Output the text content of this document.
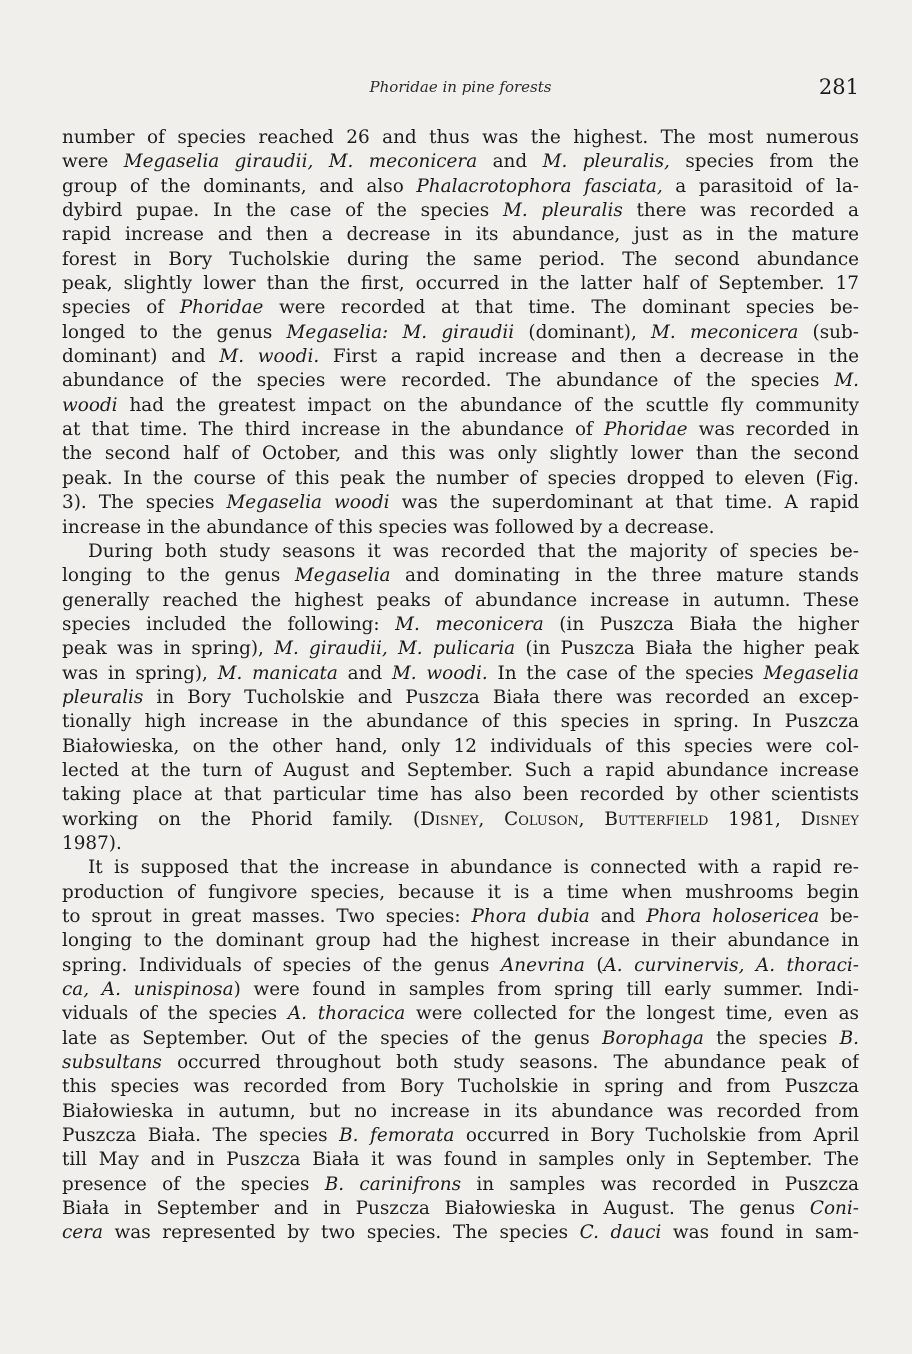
Phoridae in pine forests	281
number of species reached 26 and thus was the highest. The most numerous
were Megaselia giraudii, M. meconicera and M. pleuralis, species from the
group of the dominants, and also Phalacrotophora fasciata, a parasitoid of la-
dybird pupae. In the case of the species M. pleuralis there was recorded a
rapid increase and then a decrease in its abundance, just as in the mature
forest in Bory Tucholskie during the same period. The second abundance
peak, slightly lower than the first, occurred in the latter half of September. 17
species of Phoridae were recorded at that time. The dominant species be-
longed to the genus Megaselia: M. giraudii (dominant), M. meconicera (sub-
dominant) and M. woodi. First a rapid increase and then a decrease in the
abundance of the species were recorded. The abundance of the species M.
woodi had the greatest impact on the abundance of the scuttle fly community
at that time. The third increase in the abundance of Phoridae was recorded in
the second half of October, and this was only slightly lower than the second
peak. In the course of this peak the number of species dropped to eleven (Fig.
3). The species Megaselia woodi was the superdominant at that time. A rapid
increase in the abundance of this species was followed by a decrease.
During both study seasons it was recorded that the majority of species be-
longing to the genus Megaselia and dominating in the three mature stands
generally reached the highest peaks of abundance increase in autumn. These
species included the following: M. meconicera (in Puszcza Biała the higher
peak was in spring), M. giraudii, M. pulicaria (in Puszcza Biała the higher peak
was in spring), M. manicata and M. woodi. In the case of the species Megaselia
pleuralis in Bory Tucholskie and Puszcza Biała there was recorded an excep-
tionally high increase in the abundance of this species in spring. In Puszcza
Białowieska, on the other hand, only 12 individuals of this species were col-
lected at the turn of August and September. Such a rapid abundance increase
taking place at that particular time has also been recorded by other scientists
working on the Phorid family. (Disney, Coluson, Butterfield 1981, Disney
1987).
It is supposed that the increase in abundance is connected with a rapid re-
production of fungivore species, because it is a time when mushrooms begin
to sprout in great masses. Two species: Phora dubia and Phora holosericea be-
longing to the dominant group had the highest increase in their abundance in
spring. Individuals of species of the genus Anevrina (A. curvinervis, A. thoraci-
ca, A. unispinosa) were found in samples from spring till early summer. Indi-
viduals of the species A. thoracica were collected for the longest time, even as
late as September. Out of the species of the genus Borophaga the species B.
subsultans occurred throughout both study seasons. The abundance peak of
this species was recorded from Bory Tucholskie in spring and from Puszcza
Białowieska in autumn, but no increase in its abundance was recorded from
Puszcza Biała. The species B. femorata occurred in Bory Tucholskie from April
till May and in Puszcza Biała it was found in samples only in September. The
presence of the species B. carinifrons in samples was recorded in Puszcza
Biała in September and in Puszcza Białowieska in August. The genus Coni-
cera was represented by two species. The species C. dauci was found in sam-
